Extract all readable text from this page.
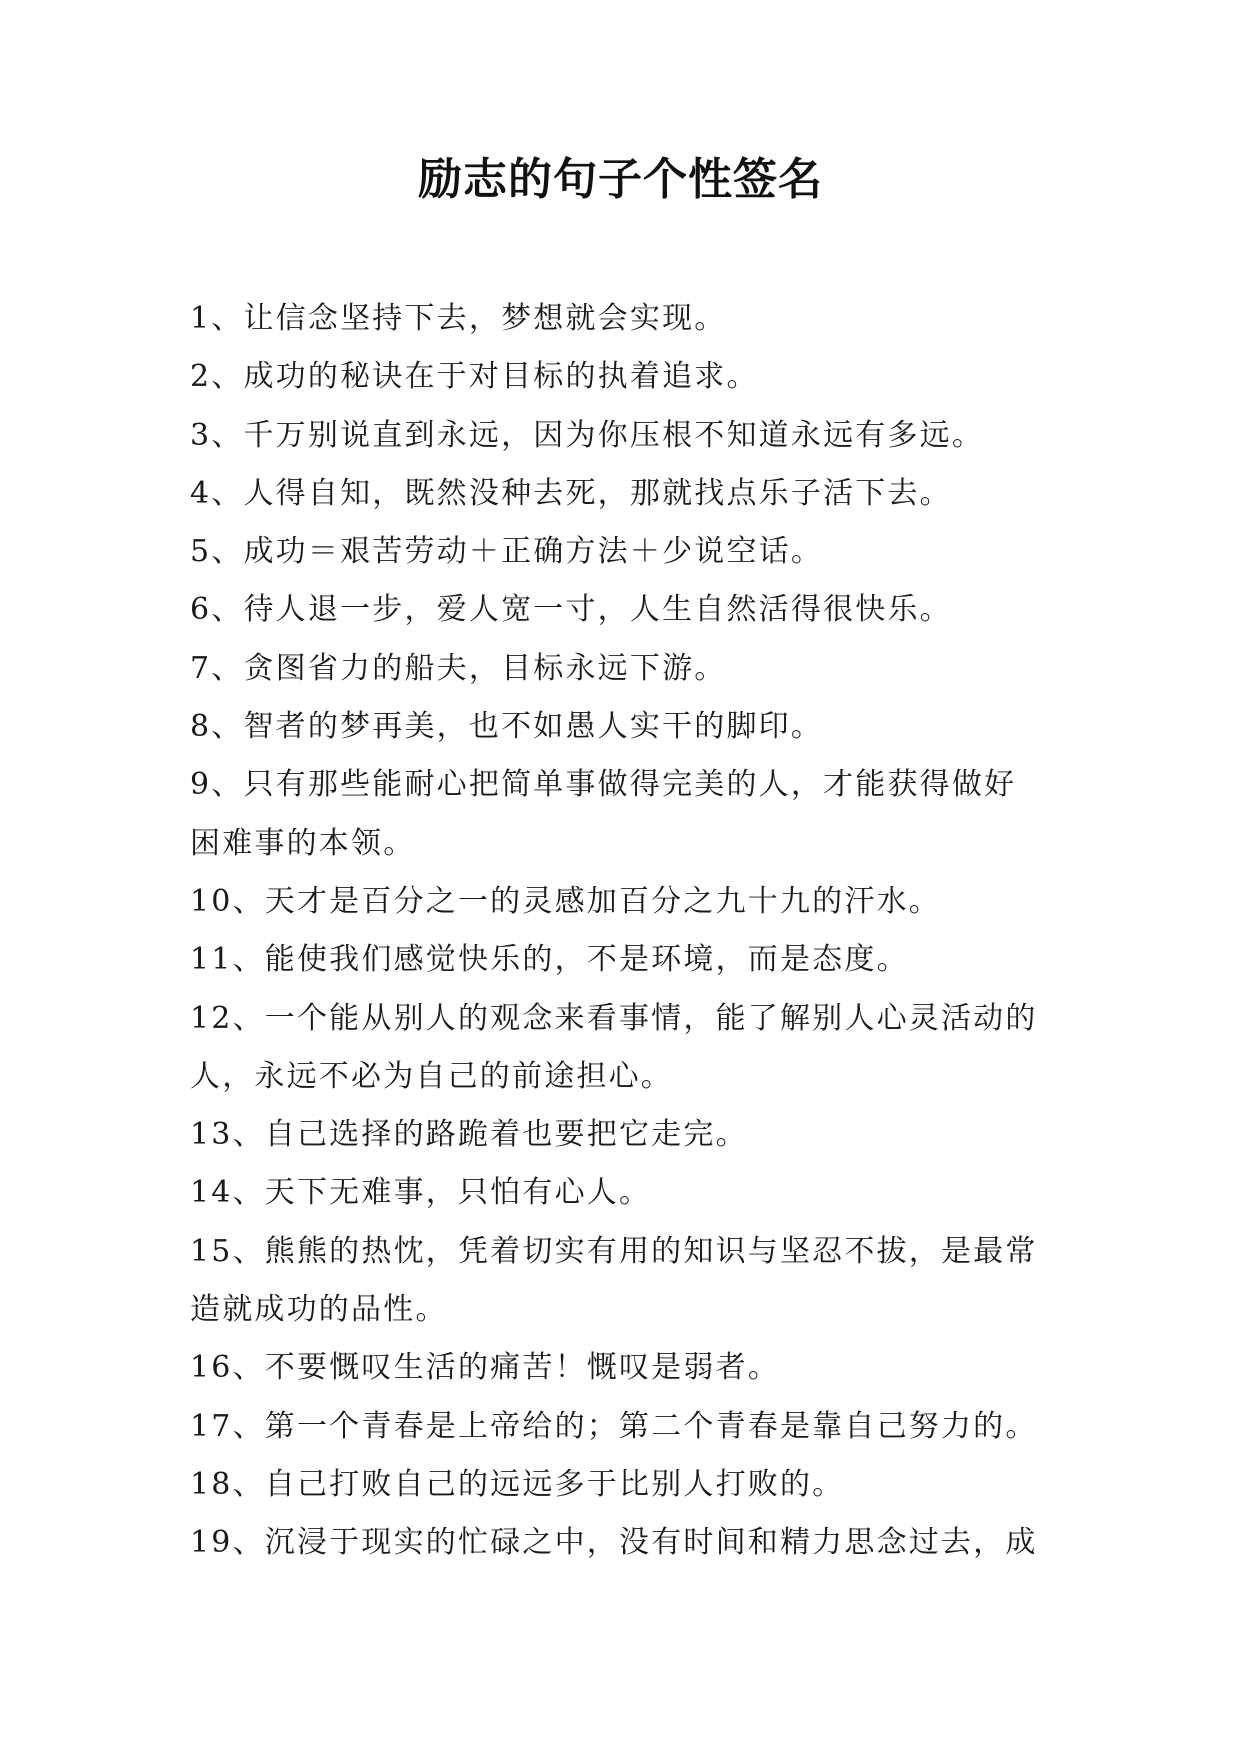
励志的句子个性签名
1、让信念坚持下去，梦想就会实现。
2、成功的秘诀在于对目标的执着追求。
3、千万别说直到永远，因为你压根不知道永远有多远。
4、人得自知，既然没种去死，那就找点乐子活下去。
5、成功＝艰苦劳动＋正确方法＋少说空话。
6、待人退一步，爱人宽一寸，人生自然活得很快乐。
7、贪图省力的船夫，目标永远下游。
8、智者的梦再美，也不如愚人实干的脚印。
9、只有那些能耐心把简单事做得完美的人，才能获得做好
困难事的本领。
10、天才是百分之一的灵感加百分之九十九的汗水。
11、能使我们感觉快乐的，不是环境，而是态度。
12、一个能从别人的观念来看事情，能了解别人心灵活动的
人，永远不必为自己的前途担心。
13、自己选择的路跪着也要把它走完。
14、天下无难事，只怕有心人。
15、熊熊的热忱，凭着切实有用的知识与坚忍不拔，是最常
造就成功的品性。
16、不要慨叹生活的痛苦！慨叹是弱者。
17、第一个青春是上帝给的；第二个青春是靠自己努力的。
18、自己打败自己的远远多于比别人打败的。
19、沉浸于现实的忙碌之中，没有时间和精力思念过去，成
